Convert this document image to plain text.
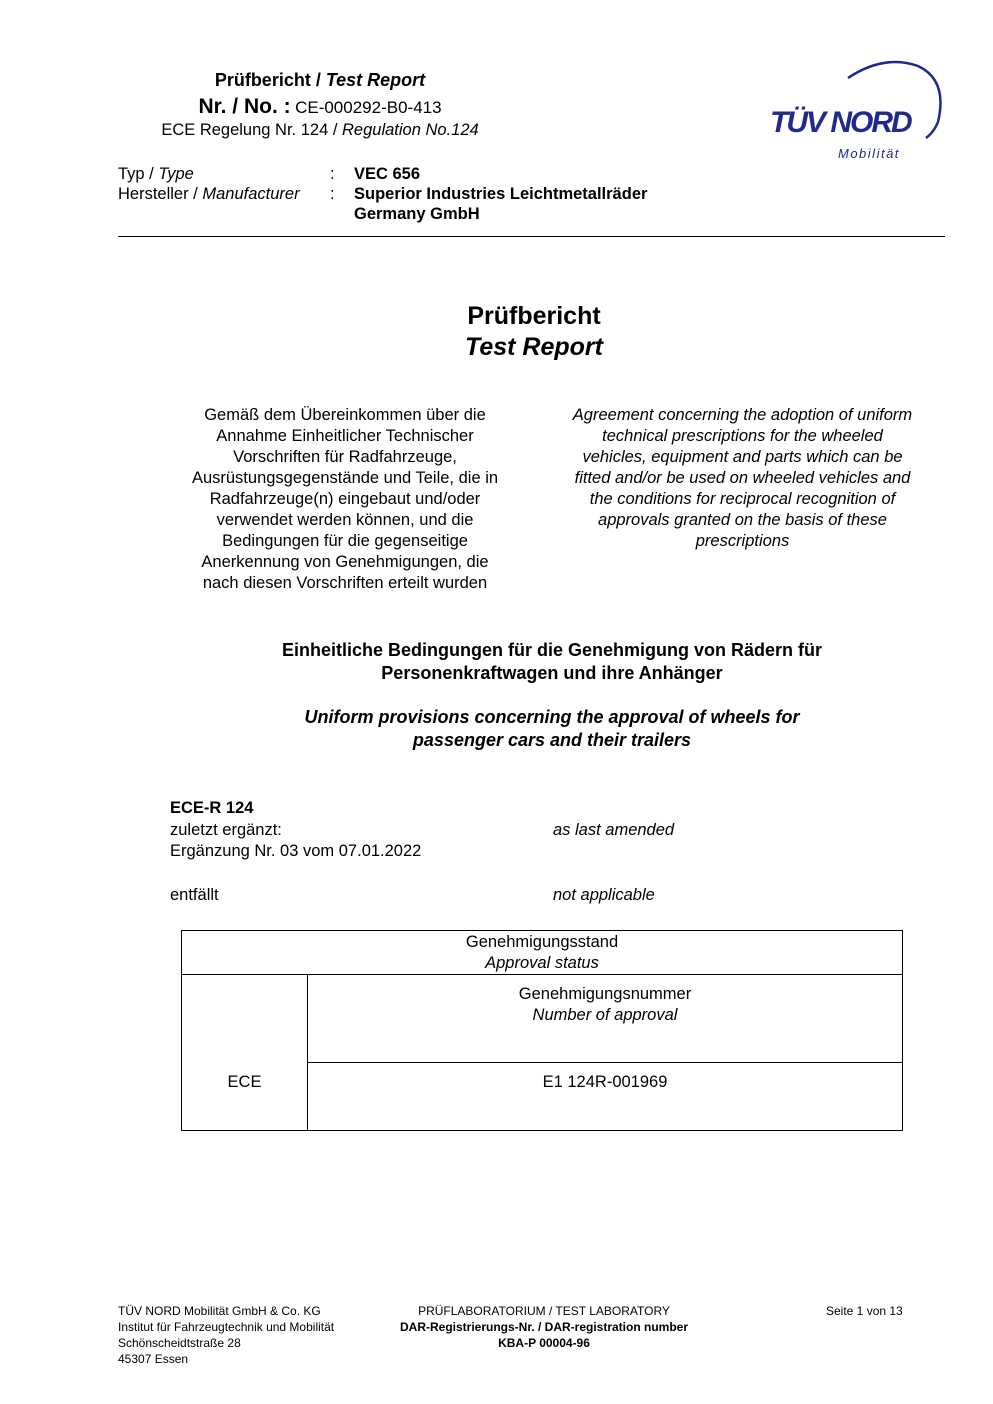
Prüfbericht / Test Report
Nr. / No. : CE-000292-B0-413
ECE Regelung Nr. 124 / Regulation No.124
Typ / Type	: VEC 656
Hersteller / Manufacturer : Superior Industries Leichtmetallräder
Germany GmbH
TÜV NORD
Mobilität
Prüfbericht
Test Report

Gemäß dem Übereinkommen über die

Annahme Einheitlicher Technischer

Vorschriften für Radfahrzeuge,

Ausrüstungsgegenstände und Teile, die in

Radfahrzeuge(n) eingebaut und/oder

verwendet werden können, und die

Bedingungen für die gegenseitige

Anerkennung von Genehmigungen, die

nach diesen Vorschriften erteilt wurden

Agreement concerning the adoption of uniform

technical prescriptions for the wheeled

vehicles, equipment and parts which can be

fitted and/or be used on wheeled vehicles and

the conditions for reciprocal recognition of

approvals granted on the basis of these

prescriptions

Einheitliche Bedingungen für die Genehmigung von Rädern für

Personenkraftwagen und ihre Anhänger

Uniform provisions concerning the approval of wheels for

passenger cars and their trailers

ECE-R 124
zuletzt ergänzt:	as last amended
Ergänzung Nr. 03 vom 07.01.2022
entfällt	not applicable
Genehmigungsstand
Approval status
Genehmigungsnummer
Number of approval
ECE	E1 124R-001969
TÜV NORD Mobilität GmbH & Co. KG
Institut für Fahrzeugtechnik und Mobilität
Schönscheidtstraße 28
45307 Essen
PRÜFLABORATORIUM / TEST LABORATORY
DAR-Registrierungs-Nr. / DAR-registration number
KBA-P 00004-96
Seite 1 von 13
